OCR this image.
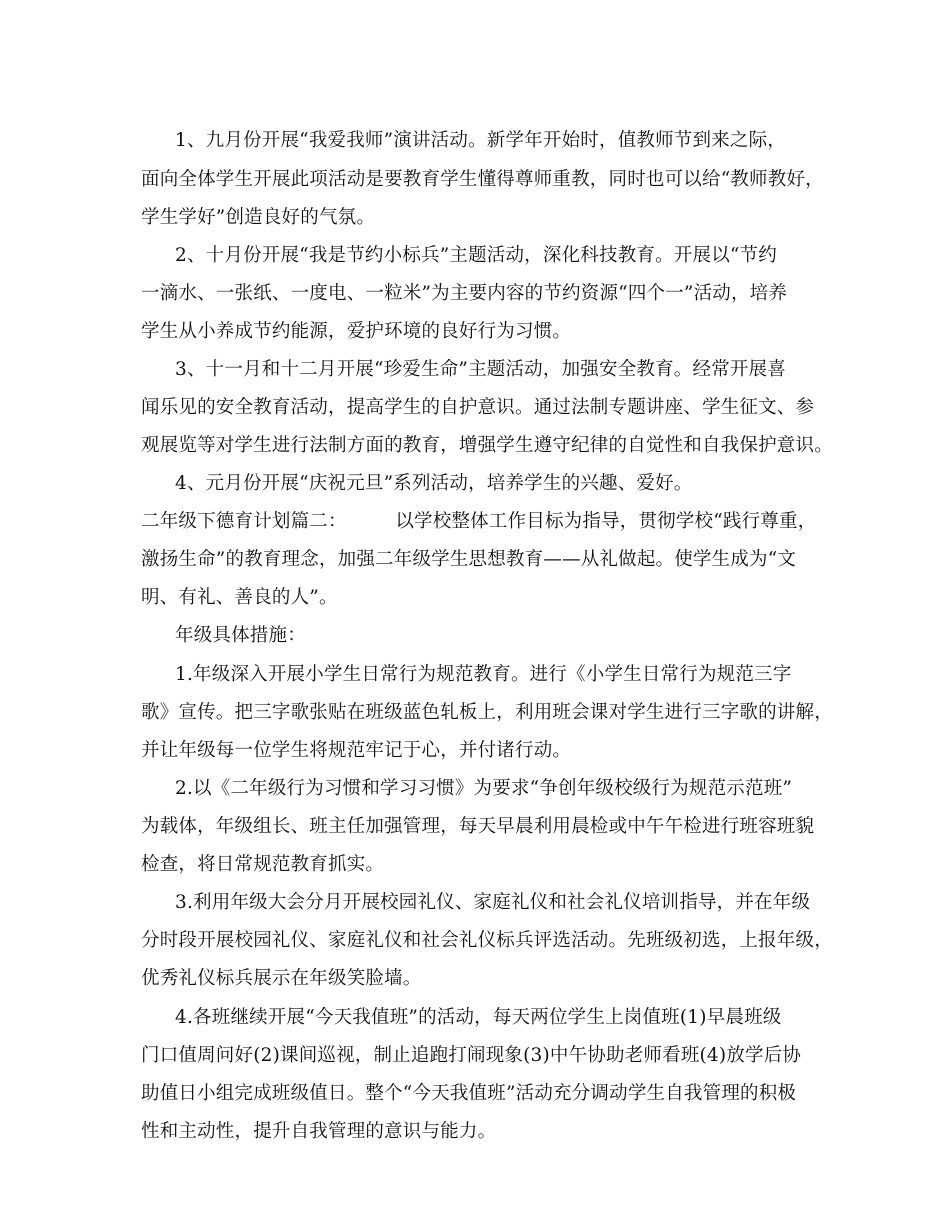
1、九月份开展“我爱我师”演讲活动。新学年开始时，值教师节到来之际，
面向全体学生开展此项活动是要教育学生懂得尊师重教，同时也可以给“教师教好，
学生学好”创造良好的气氛。
2、十月份开展“我是节约小标兵”主题活动，深化科技教育。开展以“节约
一滴水、一张纸、一度电、一粒米”为主要内容的节约资源“四个一”活动，培养
学生从小养成节约能源，爱护环境的良好行为习惯。
3、十一月和十二月开展“珍爱生命”主题活动，加强安全教育。经常开展喜
闻乐见的安全教育活动，提高学生的自护意识。通过法制专题讲座、学生征文、参
观展览等对学生进行法制方面的教育，增强学生遵守纪律的自觉性和自我保护意识。
4、元月份开展“庆祝元旦”系列活动，培养学生的兴趣、爱好。
二年级下德育计划篇二：        以学校整体工作目标为指导，贯彻学校“践行尊重，
激扬生命”的教育理念，加强二年级学生思想教育——从礼做起。使学生成为“文
明、有礼、善良的人”。
年级具体措施：
1.年级深入开展小学生日常行为规范教育。进行《小学生日常行为规范三字
歌》宣传。把三字歌张贴在班级蓝色轧板上，利用班会课对学生进行三字歌的讲解，
并让年级每一位学生将规范牢记于心，并付诸行动。
2.以《二年级行为习惯和学习习惯》为要求“争创年级校级行为规范示范班”
为载体，年级组长、班主任加强管理，每天早晨利用晨检或中午午检进行班容班貌
检查，将日常规范教育抓实。
3.利用年级大会分月开展校园礼仪、家庭礼仪和社会礼仪培训指导，并在年级
分时段开展校园礼仪、家庭礼仪和社会礼仪标兵评选活动。先班级初选，上报年级，
优秀礼仪标兵展示在年级笑脸墙。
4.各班继续开展“今天我值班”的活动，每天两位学生上岗值班(1)早晨班级
门口值周问好(2)课间巡视，制止追跑打闹现象(3)中午协助老师看班(4)放学后协
助值日小组完成班级值日。整个“今天我值班”活动充分调动学生自我管理的积极
性和主动性，提升自我管理的意识与能力。
